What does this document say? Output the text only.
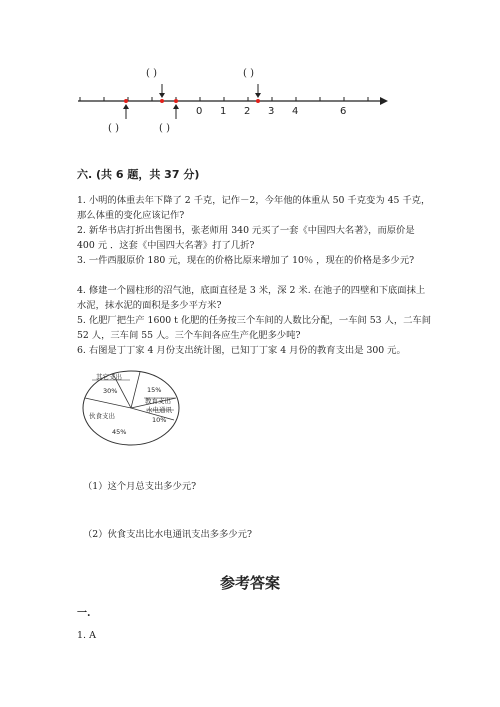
0 1 2 3 4	6
( )	( )
( )	( )
六. (共 6 题，共 37 分)
1. 小明的体重去年下降了 2 千克，记作－2，今年他的体重从 50 千克变为 45 千克，那么体重的变化应该记作?
2. 新华书店打折出售图书，张老师用 340 元买了一套《中国四大名著》，而原价是 400 元 ．这套《中国四大名著》打了几折?
3. 一件西服原价 180 元，现在的价格比原来增加了 10％ ，现在的价格是多少元?
4. 修建一个圆柱形的沼气池，底面直径是 3 米，深 2 米. 在池子的四壁和下底面抹上水泥，抹水泥的面积是多少平方米?
5. 化肥厂把生产 1600 t 化肥的任务按三个车间的人数比分配，一车间 53 人，二车间 52 人，三车间 55 人。三个车间各应生产化肥多少吨?
6. 右图是丁丁家 4 月份支出统计图，已知丁丁家 4 月份的教育支出是 300 元。
其它支出
30%	15%
教育支出
水电通讯
10%
伙食支出
45%
（1）这个月总支出多少元?
（2）伙食支出比水电通讯支出多多少元?
参考答案
一.
1. A
